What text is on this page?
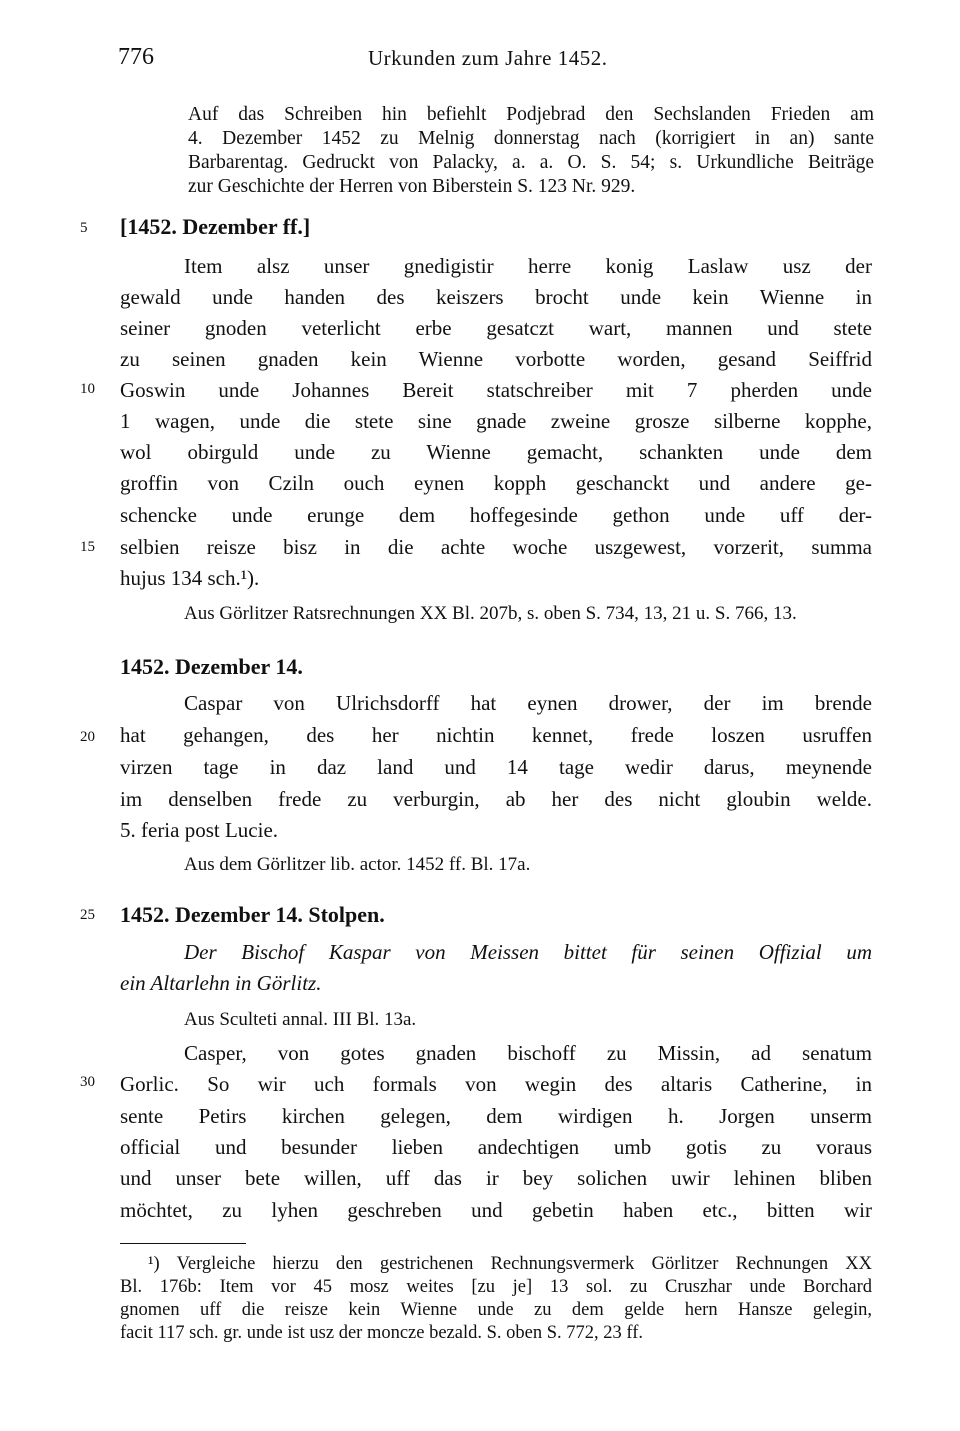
776	Urkunden zum Jahre 1452.
Auf das Schreiben hin befiehlt Podjebrad den Sechslanden Frieden am
4. Dezember 1452 zu Melnig donnerstag nach (korrigiert in an) sante
Barbarentag. Gedruckt von Palacky, a. a. O. S. 54; s. Urkundliche Beiträge
zur Geschichte der Herren von Biberstein S. 123 Nr. 929.
5
10
15
20
25
30
[1452. Dezember ff.]
Item alsz unser gnedigistir herre konig Laslaw usz der
gewald unde handen des keiszers brocht unde kein Wienne in
seiner gnoden veterlicht erbe gesatczt wart, mannen und stete
zu seinen gnaden kein Wienne vorbotte worden, gesand Seiffrid
Goswin unde Johannes Bereit statschreiber mit 7 pherden unde
1 wagen, unde die stete sine gnade zweine grosze silberne kopphe,
wol obirguld unde zu Wienne gemacht, schankten unde dem
groffin von Cziln ouch eynen kopph geschanckt und andere ge-
schencke unde erunge dem hoffegesinde gethon unde uff der-
selbien reisze bisz in die achte woche uszgewest, vorzerit, summa
hujus 134 sch.¹).
Aus Görlitzer Ratsrechnungen XX Bl. 207b, s. oben S. 734, 13, 21 u. S. 766, 13.
1452. Dezember 14.
Caspar von Ulrichsdorff hat eynen drower, der im brende
hat gehangen, des her nichtin kennet, frede loszen usruffen
virzen tage in daz land und 14 tage wedir darus, meynende
im denselben frede zu verburgin, ab her des nicht gloubin welde.
5. feria post Lucie.
Aus dem Görlitzer lib. actor. 1452 ff. Bl. 17a.
1452. Dezember 14. Stolpen.
Der Bischof Kaspar von Meissen bittet für seinen Offizial um
ein Altarlehn in Görlitz.
Aus Sculteti annal. III Bl. 13a.
Casper, von gotes gnaden bischoff zu Missin, ad senatum
Gorlic. So wir uch formals von wegin des altaris Catherine, in
sente Petirs kirchen gelegen, dem wirdigen h. Jorgen unserm
official und besunder lieben andechtigen umb gotis zu voraus
und unser bete willen, uff das ir bey solichen uwir lehinen bliben
möchtet, zu lyhen geschreben und gebetin haben etc., bitten wir
¹) Vergleiche hierzu den gestrichenen Rechnungsvermerk Görlitzer Rechnungen XX
Bl. 176b: Item vor 45 mosz weites [zu je] 13 sol. zu Cruszhar unde Borchard
gnomen uff die reisze kein Wienne unde zu dem gelde hern Hansze gelegin,
facit 117 sch. gr. unde ist usz der moncze bezald. S. oben S. 772, 23 ff.
